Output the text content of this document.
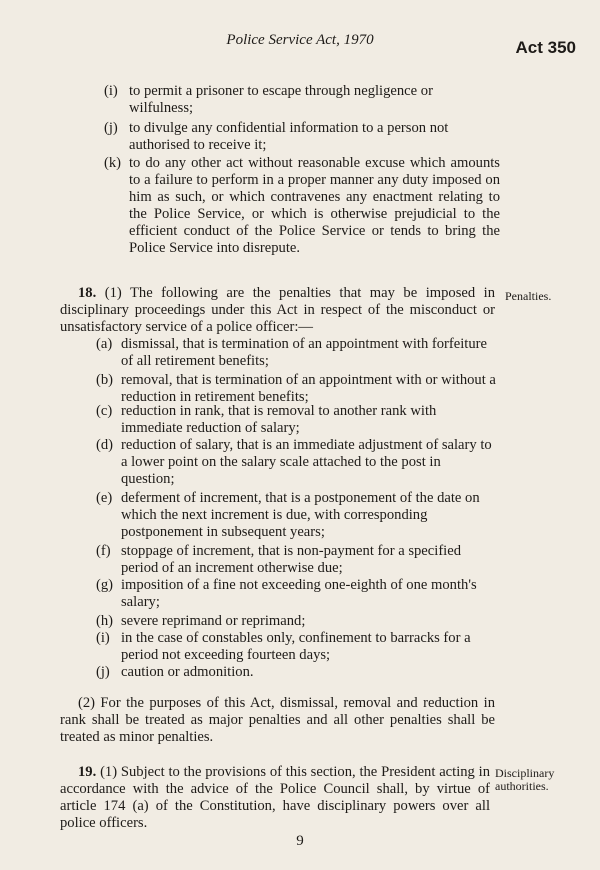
Police Service Act, 1970	Act 350
(i) to permit a prisoner to escape through negligence or wilfulness;
(j) to divulge any confidential information to a person not authorised to receive it;
(k) to do any other act without reasonable excuse which amounts to a failure to perform in a proper manner any duty imposed on him as such, or which contravenes any enactment relating to the Police Service, or which is otherwise prejudicial to the efficient conduct of the Police Service or tends to bring the Police Service into disrepute.
18. (1) The following are the penalties that may be imposed in disciplinary proceedings under this Act in respect of the misconduct or unsatisfactory service of a police officer:—
Penalties.
(a) dismissal, that is termination of an appointment with forfeiture of all retirement benefits;
(b) removal, that is termination of an appointment with or without a reduction in retirement benefits;
(c) reduction in rank, that is removal to another rank with immediate reduction of salary;
(d) reduction of salary, that is an immediate adjustment of salary to a lower point on the salary scale attached to the post in question;
(e) deferment of increment, that is a postponement of the date on which the next increment is due, with corresponding postponement in subsequent years;
(f) stoppage of increment, that is non-payment for a specified period of an increment otherwise due;
(g) imposition of a fine not exceeding one-eighth of one month's salary;
(h) severe reprimand or reprimand;
(i) in the case of constables only, confinement to barracks for a period not exceeding fourteen days;
(j) caution or admonition.
(2) For the purposes of this Act, dismissal, removal and reduction in rank shall be treated as major penalties and all other penalties shall be treated as minor penalties.
19. (1) Subject to the provisions of this section, the President acting in accordance with the advice of the Police Council shall, by virtue of article 174 (a) of the Constitution, have disciplinary powers over all police officers.
Disciplinary authorities.
9
